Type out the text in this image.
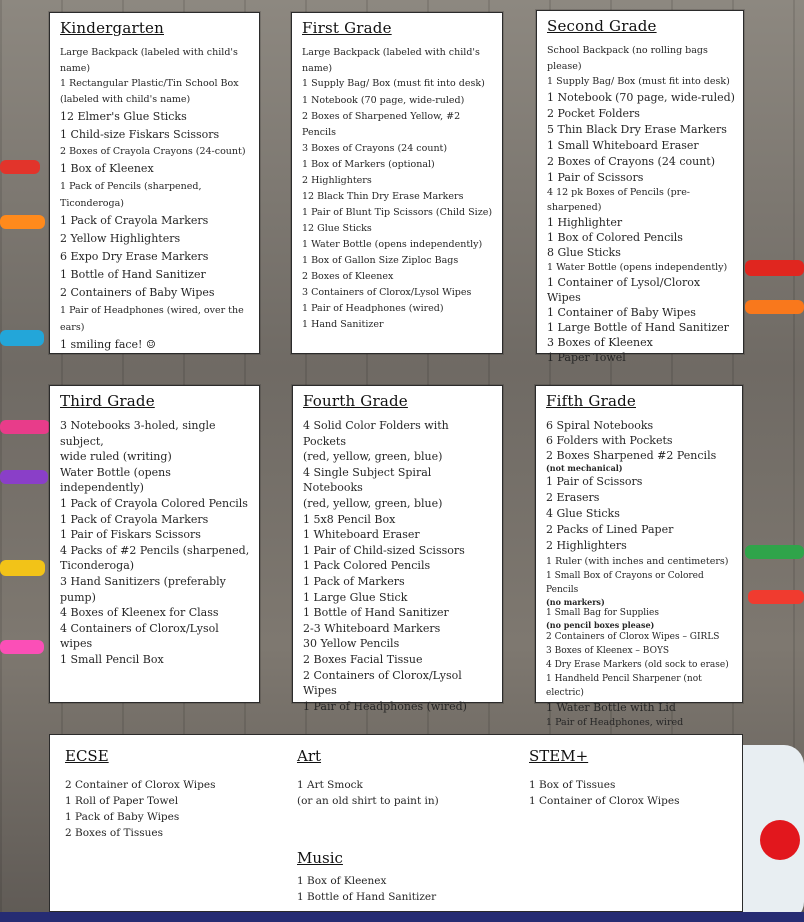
Kindergarten
Large Backpack (labeled with child's name)
1 Rectangular Plastic/Tin School Box
(labeled with child's name)
12 Elmer's Glue Sticks
1 Child-size Fiskars Scissors
2 Boxes of Crayola Crayons (24-count)
1 Box of Kleenex
1 Pack of Pencils (sharpened, Ticonderoga)
1 Pack of Crayola Markers
2 Yellow Highlighters
6 Expo Dry Erase Markers
1 Bottle of Hand Sanitizer
2 Containers of Baby Wipes
1 Pair of Headphones (wired, over the ears)
1 smiling face! ☺
First Grade
Large Backpack (labeled with child's name)
1 Supply Bag/ Box (must fit into desk)
1 Notebook (70 page, wide-ruled)
2 Boxes of Sharpened Yellow, #2 Pencils
3 Boxes of Crayons (24 count)
1 Box of Markers (optional)
2 Highlighters
12 Black Thin Dry Erase Markers
1 Pair of Blunt Tip Scissors (Child Size)
12 Glue Sticks
1 Water Bottle (opens independently)
1 Box of Gallon Size Ziploc Bags
2 Boxes of Kleenex
3 Containers of Clorox/Lysol Wipes
1 Pair of Headphones (wired)
1 Hand Sanitizer
Second Grade
School Backpack (no rolling bags please)
1 Supply Bag/ Box (must fit into desk)
1 Notebook (70 page, wide-ruled)
2 Pocket Folders
5 Thin Black Dry Erase Markers
1 Small Whiteboard Eraser
2 Boxes of Crayons (24 count)
1 Pair of Scissors
4 12 pk Boxes of Pencils (pre-sharpened)
1 Highlighter
1 Box of Colored Pencils
8 Glue Sticks
1 Water Bottle (opens independently)
1 Container of Lysol/Clorox Wipes
1 Container of Baby Wipes
1 Large Bottle of Hand Sanitizer
3 Boxes of Kleenex
1 Paper Towel
Third Grade
3 Notebooks 3-holed, single subject,
wide ruled (writing)
Water Bottle (opens independently)
1 Pack of Crayola Colored Pencils
1 Pack of Crayola Markers
1 Pair of Fiskars Scissors
4 Packs of #2 Pencils (sharpened,
Ticonderoga)
3 Hand Sanitizers (preferably pump)
4 Boxes of Kleenex for Class
4 Containers of Clorox/Lysol wipes
1 Small Pencil Box
Fourth Grade
4 Solid Color Folders with Pockets
(red, yellow, green, blue)
4 Single Subject Spiral Notebooks
(red, yellow, green, blue)
1 5x8 Pencil Box
1 Whiteboard Eraser
1 Pair of Child-sized Scissors
1 Pack Colored Pencils
1 Pack of Markers
1 Large Glue Stick
1 Bottle of Hand Sanitizer
2-3 Whiteboard Markers
30 Yellow Pencils
2 Boxes Facial Tissue
2 Containers of Clorox/Lysol Wipes
1 Pair of Headphones (wired)
Fifth Grade
6 Spiral Notebooks
6 Folders with Pockets
2 Boxes Sharpened #2 Pencils
(not mechanical)
1 Pair of Scissors
2 Erasers
4 Glue Sticks
2 Packs of Lined Paper
2 Highlighters
1 Ruler (with inches and centimeters)
1 Small Box of Crayons or Colored Pencils
(no markers)
1 Small Bag for Supplies
(no pencil boxes please)
2 Containers of Clorox Wipes – GIRLS
3 Boxes of Kleenex – BOYS
4 Dry Erase Markers (old sock to erase)
1 Handheld Pencil Sharpener (not electric)
1 Water Bottle with Lid
1 Pair of Headphones, wired
ECSE
2 Container of Clorox Wipes
1 Roll of Paper Towel
1 Pack of Baby Wipes
2 Boxes of Tissues
Art
1 Art Smock
(or an old shirt to paint in)
STEM+
1 Box of Tissues
1 Container of Clorox Wipes
Music
1 Box of Kleenex
1 Bottle of Hand Sanitizer
